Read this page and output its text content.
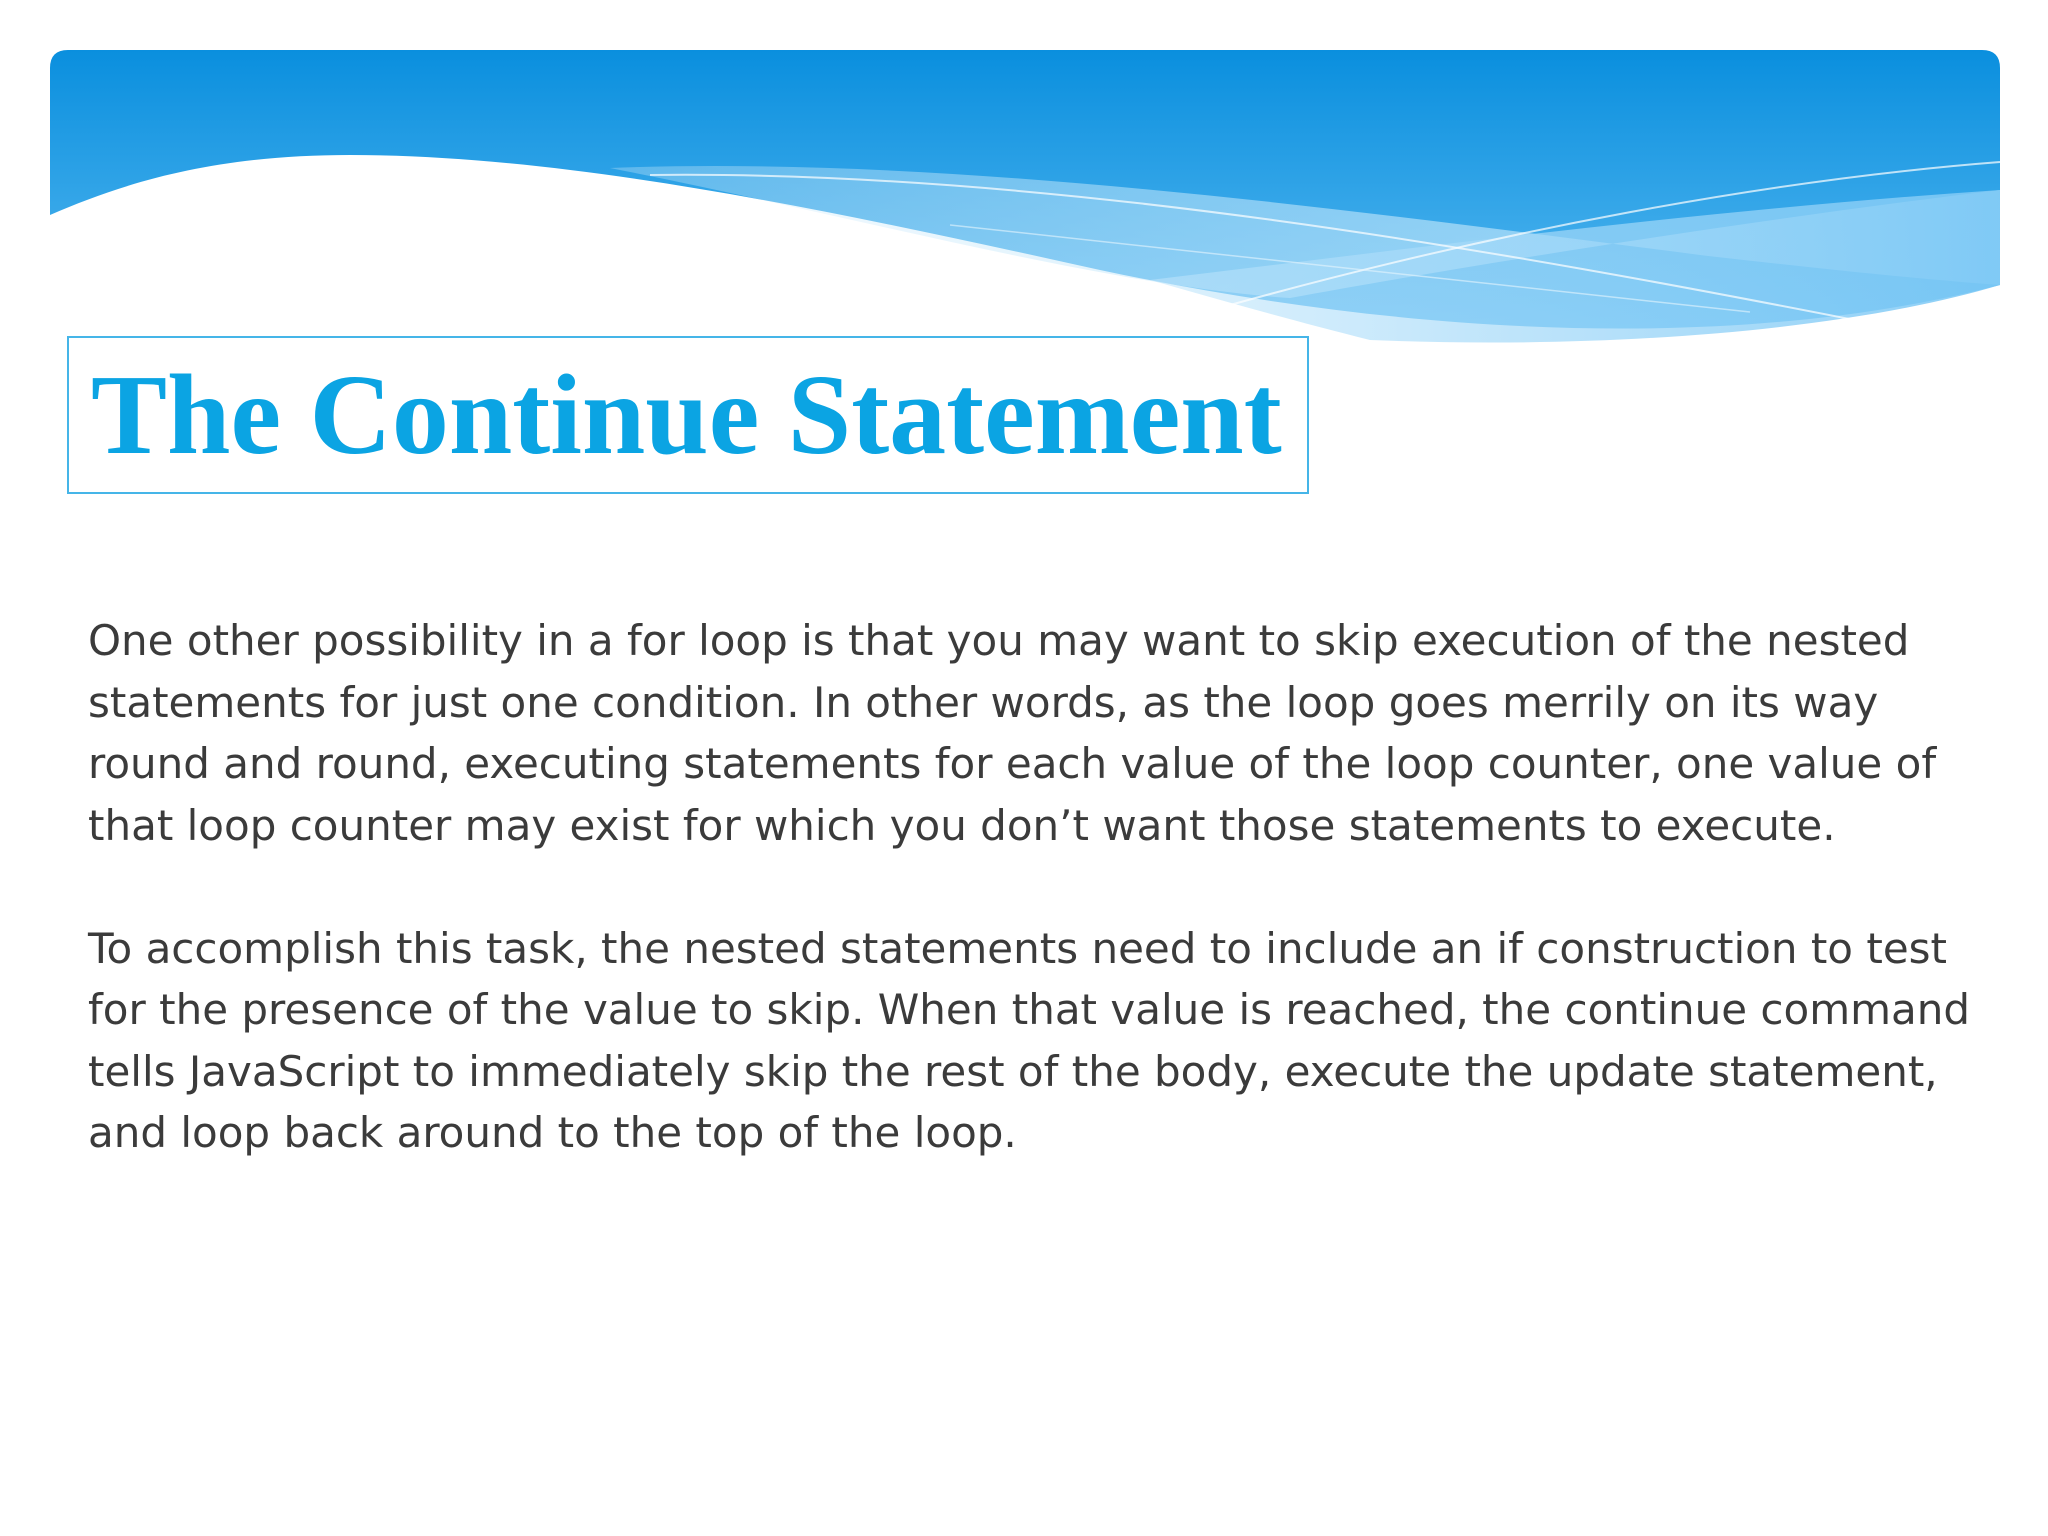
The Continue Statement

One other possibility in a for loop is that you may want to skip execution of the nested
statements for just one condition. In other words, as the loop goes merrily on its way
round and round, executing statements for each value of the loop counter, one value of
that loop counter may exist for which you don’t want those statements to execute.

To accomplish this task, the nested statements need to include an if construction to test
for the presence of the value to skip. When that value is reached, the continue command
tells JavaScript to immediately skip the rest of the body, execute the update statement,
and loop back around to the top of the loop.
